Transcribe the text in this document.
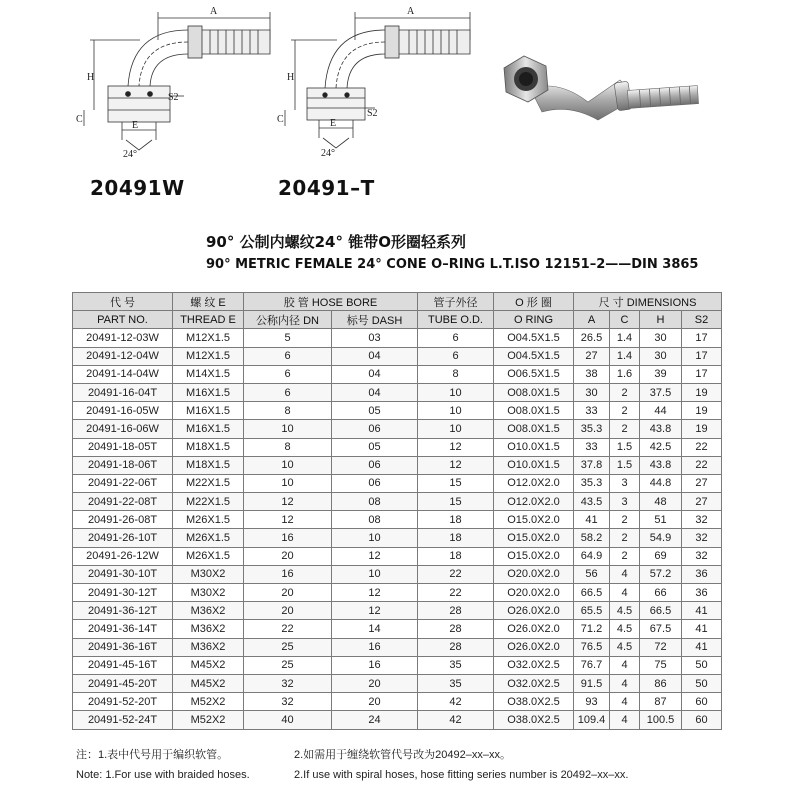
A
H
C
E
S2
24°
A
H
C	E
S2
24°
20491W	20491–T
90° 公制内螺纹24° 锥带O形圈轻系列
90° METRIC FEMALE 24° CONE O–RING L.T.ISO 12151–2——DIN 3865
代 号	螺 纹 E	胶 管 HOSE BORE		管子外径	O 形 圈	尺 寸 DIMENSIONS			
PART NO.	THREAD E	公称内径 DN	标号 DASH	TUBE O.D.	O RING	A	C	H	S2
20491-12-03W	M12X1.5	5	03	6	O04.5X1.5	26.5	1.4	30	17
20491-12-04W	M12X1.5	6	04	6	O04.5X1.5	27	1.4	30	17
20491-14-04W	M14X1.5	6	04	8	O06.5X1.5	38	1.6	39	17
20491-16-04T	M16X1.5	6	04	10	O08.0X1.5	30	2	37.5	19
20491-16-05W	M16X1.5	8	05	10	O08.0X1.5	33	2	44	19
20491-16-06W	M16X1.5	10	06	10	O08.0X1.5	35.3	2	43.8	19
20491-18-05T	M18X1.5	8	05	12	O10.0X1.5	33	1.5	42.5	22
20491-18-06T	M18X1.5	10	06	12	O10.0X1.5	37.8	1.5	43.8	22
20491-22-06T	M22X1.5	10	06	15	O12.0X2.0	35.3	3	44.8	27
20491-22-08T	M22X1.5	12	08	15	O12.0X2.0	43.5	3	48	27
20491-26-08T	M26X1.5	12	08	18	O15.0X2.0	41	2	51	32
20491-26-10T	M26X1.5	16	10	18	O15.0X2.0	58.2	2	54.9	32
20491-26-12W	M26X1.5	20	12	18	O15.0X2.0	64.9	2	69	32
20491-30-10T	M30X2	16	10	22	O20.0X2.0	56	4	57.2	36
20491-30-12T	M30X2	20	12	22	O20.0X2.0	66.5	4	66	36
20491-36-12T	M36X2	20	12	28	O26.0X2.0	65.5	4.5	66.5	41
20491-36-14T	M36X2	22	14	28	O26.0X2.0	71.2	4.5	67.5	41
20491-36-16T	M36X2	25	16	28	O26.0X2.0	76.5	4.5	72	41
20491-45-16T	M45X2	25	16	35	O32.0X2.5	76.7	4	75	50
20491-45-20T	M45X2	32	20	35	O32.0X2.5	91.5	4	86	50
20491-52-20T	M52X2	32	20	42	O38.0X2.5	93	4	87	60
20491-52-24T	M52X2	40	24	42	O38.0X2.5	109.4	4	100.5	60
注：1.表中代号用于编织软管。	2.如需用于缠绕软管代号改为20492–xx–xx。
Note: 1.For use with braided hoses.	2.If use with spiral hoses, hose fitting series number is 20492–xx–xx.
